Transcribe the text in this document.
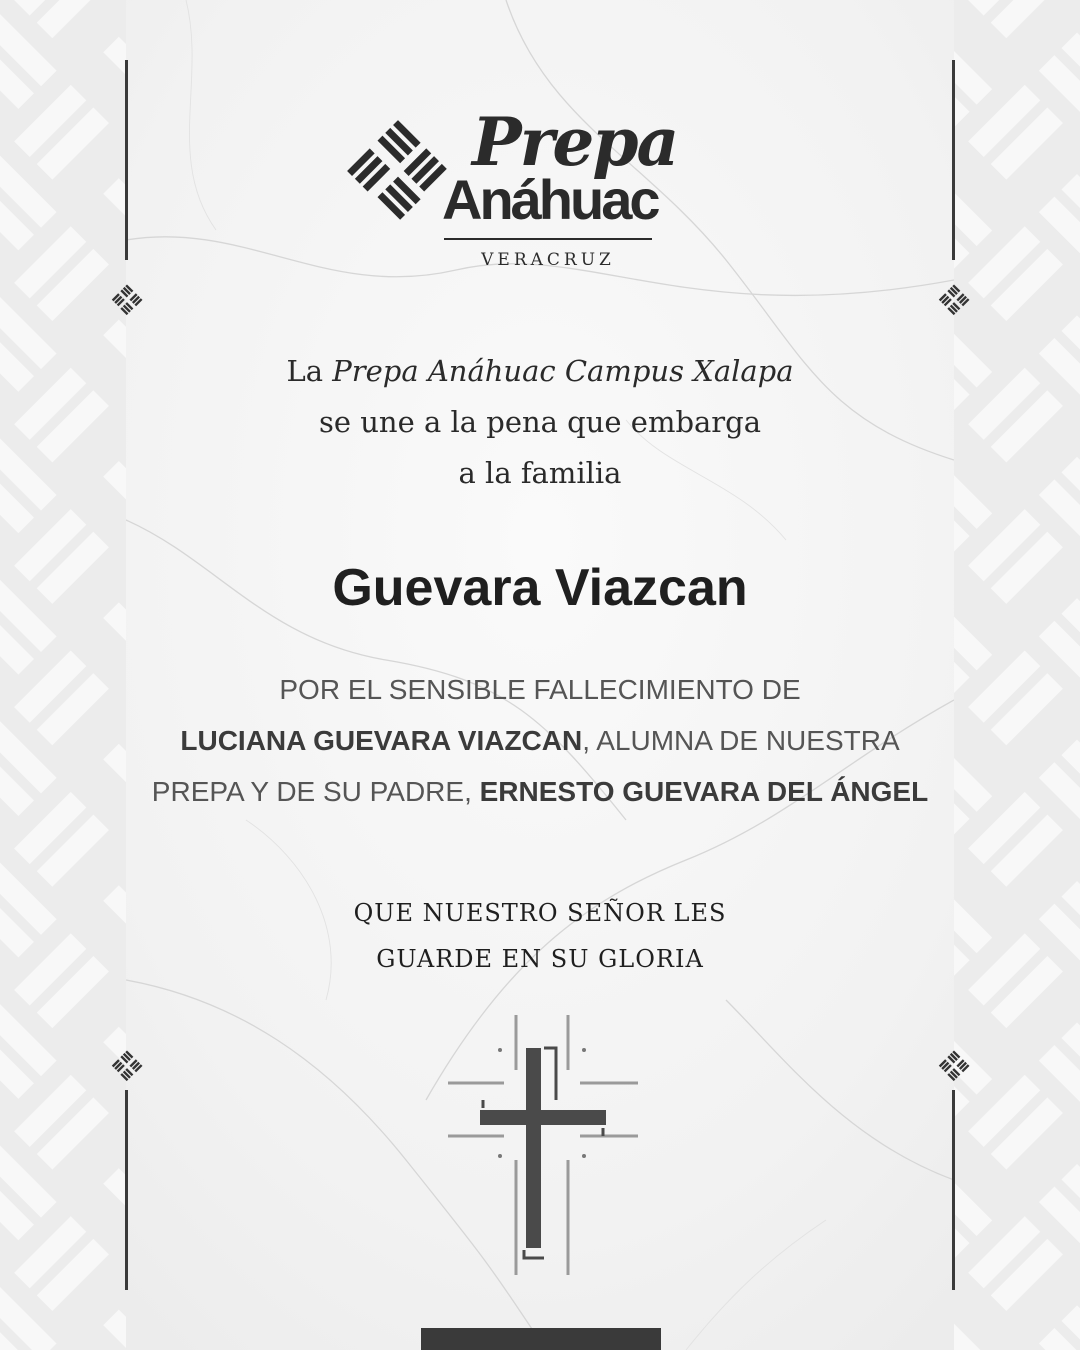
Prepa
Anáhuac
VERACRUZ

La Prepa Anáhuac Campus Xalapa

se une a la pena que embarga

a la familia

Guevara Viazcan

POR EL SENSIBLE FALLECIMIENTO DE

LUCIANA GUEVARA VIAZCAN, ALUMNA DE NUESTRA

PREPA Y DE SU PADRE, ERNESTO GUEVARA DEL ÁNGEL

QUE NUESTRO SEÑOR LES

GUARDE EN SU GLORIA
